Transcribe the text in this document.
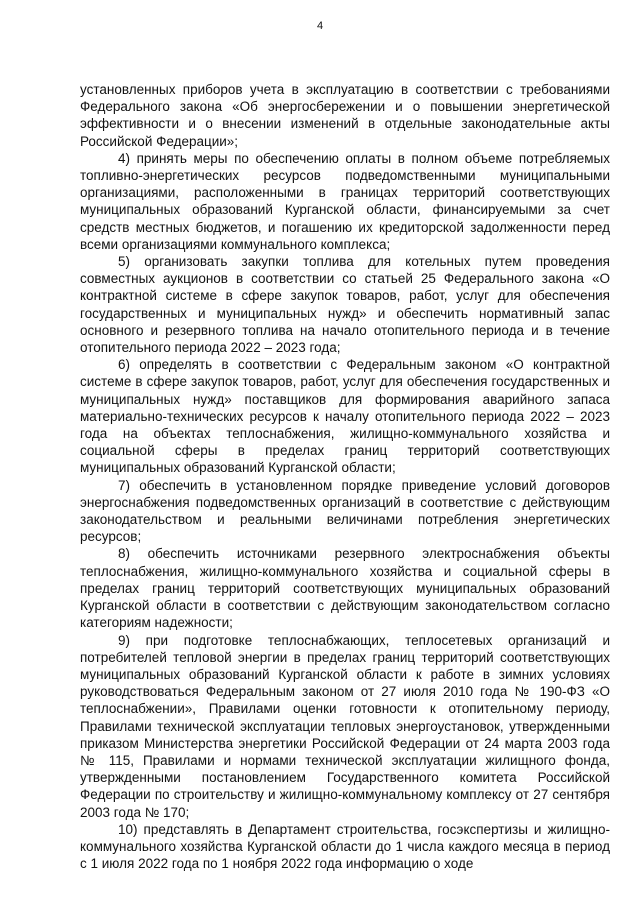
4

установленных приборов учета в эксплуатацию в соответствии с требованиями Федерального закона «Об энергосбережении и о повышении энергетической эффективности и о внесении изменений в отдельные законодательные акты Российской Федерации»;

4) принять меры по обеспечению оплаты в полном объеме потребляемых топливно-энергетических ресурсов подведомственными муниципальными организациями, расположенными в границах территорий соответствующих муниципальных образований Курганской области, финансируемыми за счет средств местных бюджетов, и погашению их кредиторской задолженности перед всеми организациями коммунального комплекса;

5) организовать закупки топлива для котельных путем проведения совместных аукционов в соответствии со статьей 25 Федерального закона «О контрактной системе в сфере закупок товаров, работ, услуг для обеспечения государственных и муниципальных нужд» и обеспечить нормативный запас основного и резервного топлива на начало отопительного периода и в течение отопительного периода 2022 – 2023 года;

6) определять в соответствии с Федеральным законом «О контрактной системе в сфере закупок товаров, работ, услуг для обеспечения государственных и муниципальных нужд» поставщиков для формирования аварийного запаса материально-технических ресурсов к началу отопительного периода 2022 – 2023 года на объектах теплоснабжения, жилищно-коммунального хозяйства и социальной сферы в пределах границ территорий соответствующих муниципальных образований Курганской области;

7) обеспечить в установленном порядке приведение условий договоров энергоснабжения подведомственных организаций в соответствие с действующим законодательством и реальными величинами потребления энергетических ресурсов;

8) обеспечить источниками резервного электроснабжения объекты теплоснабжения, жилищно-коммунального хозяйства и социальной сферы в пределах границ территорий соответствующих муниципальных образований Курганской области в соответствии с действующим законодательством согласно категориям надежности;

9) при подготовке теплоснабжающих, теплосетевых организаций и потребителей тепловой энергии в пределах границ территорий соответствующих муниципальных образований Курганской области к работе в зимних условиях руководствоваться Федеральным законом от 27 июля 2010 года № 190-ФЗ «О теплоснабжении», Правилами оценки готовности к отопительному периоду, Правилами технической эксплуатации тепловых энергоустановок, утвержденными приказом Министерства энергетики Российской Федерации от 24 марта 2003 года № 115, Правилами и нормами технической эксплуатации жилищного фонда, утвержденными постановлением Государственного комитета Российской Федерации по строительству и жилищно-коммунальному комплексу от 27 сентября 2003 года № 170;

10) представлять в Департамент строительства, госэкспертизы и жилищно-коммунального хозяйства Курганской области до 1 числа каждого месяца в период с 1 июля 2022 года по 1 ноября 2022 года информацию о ходе
